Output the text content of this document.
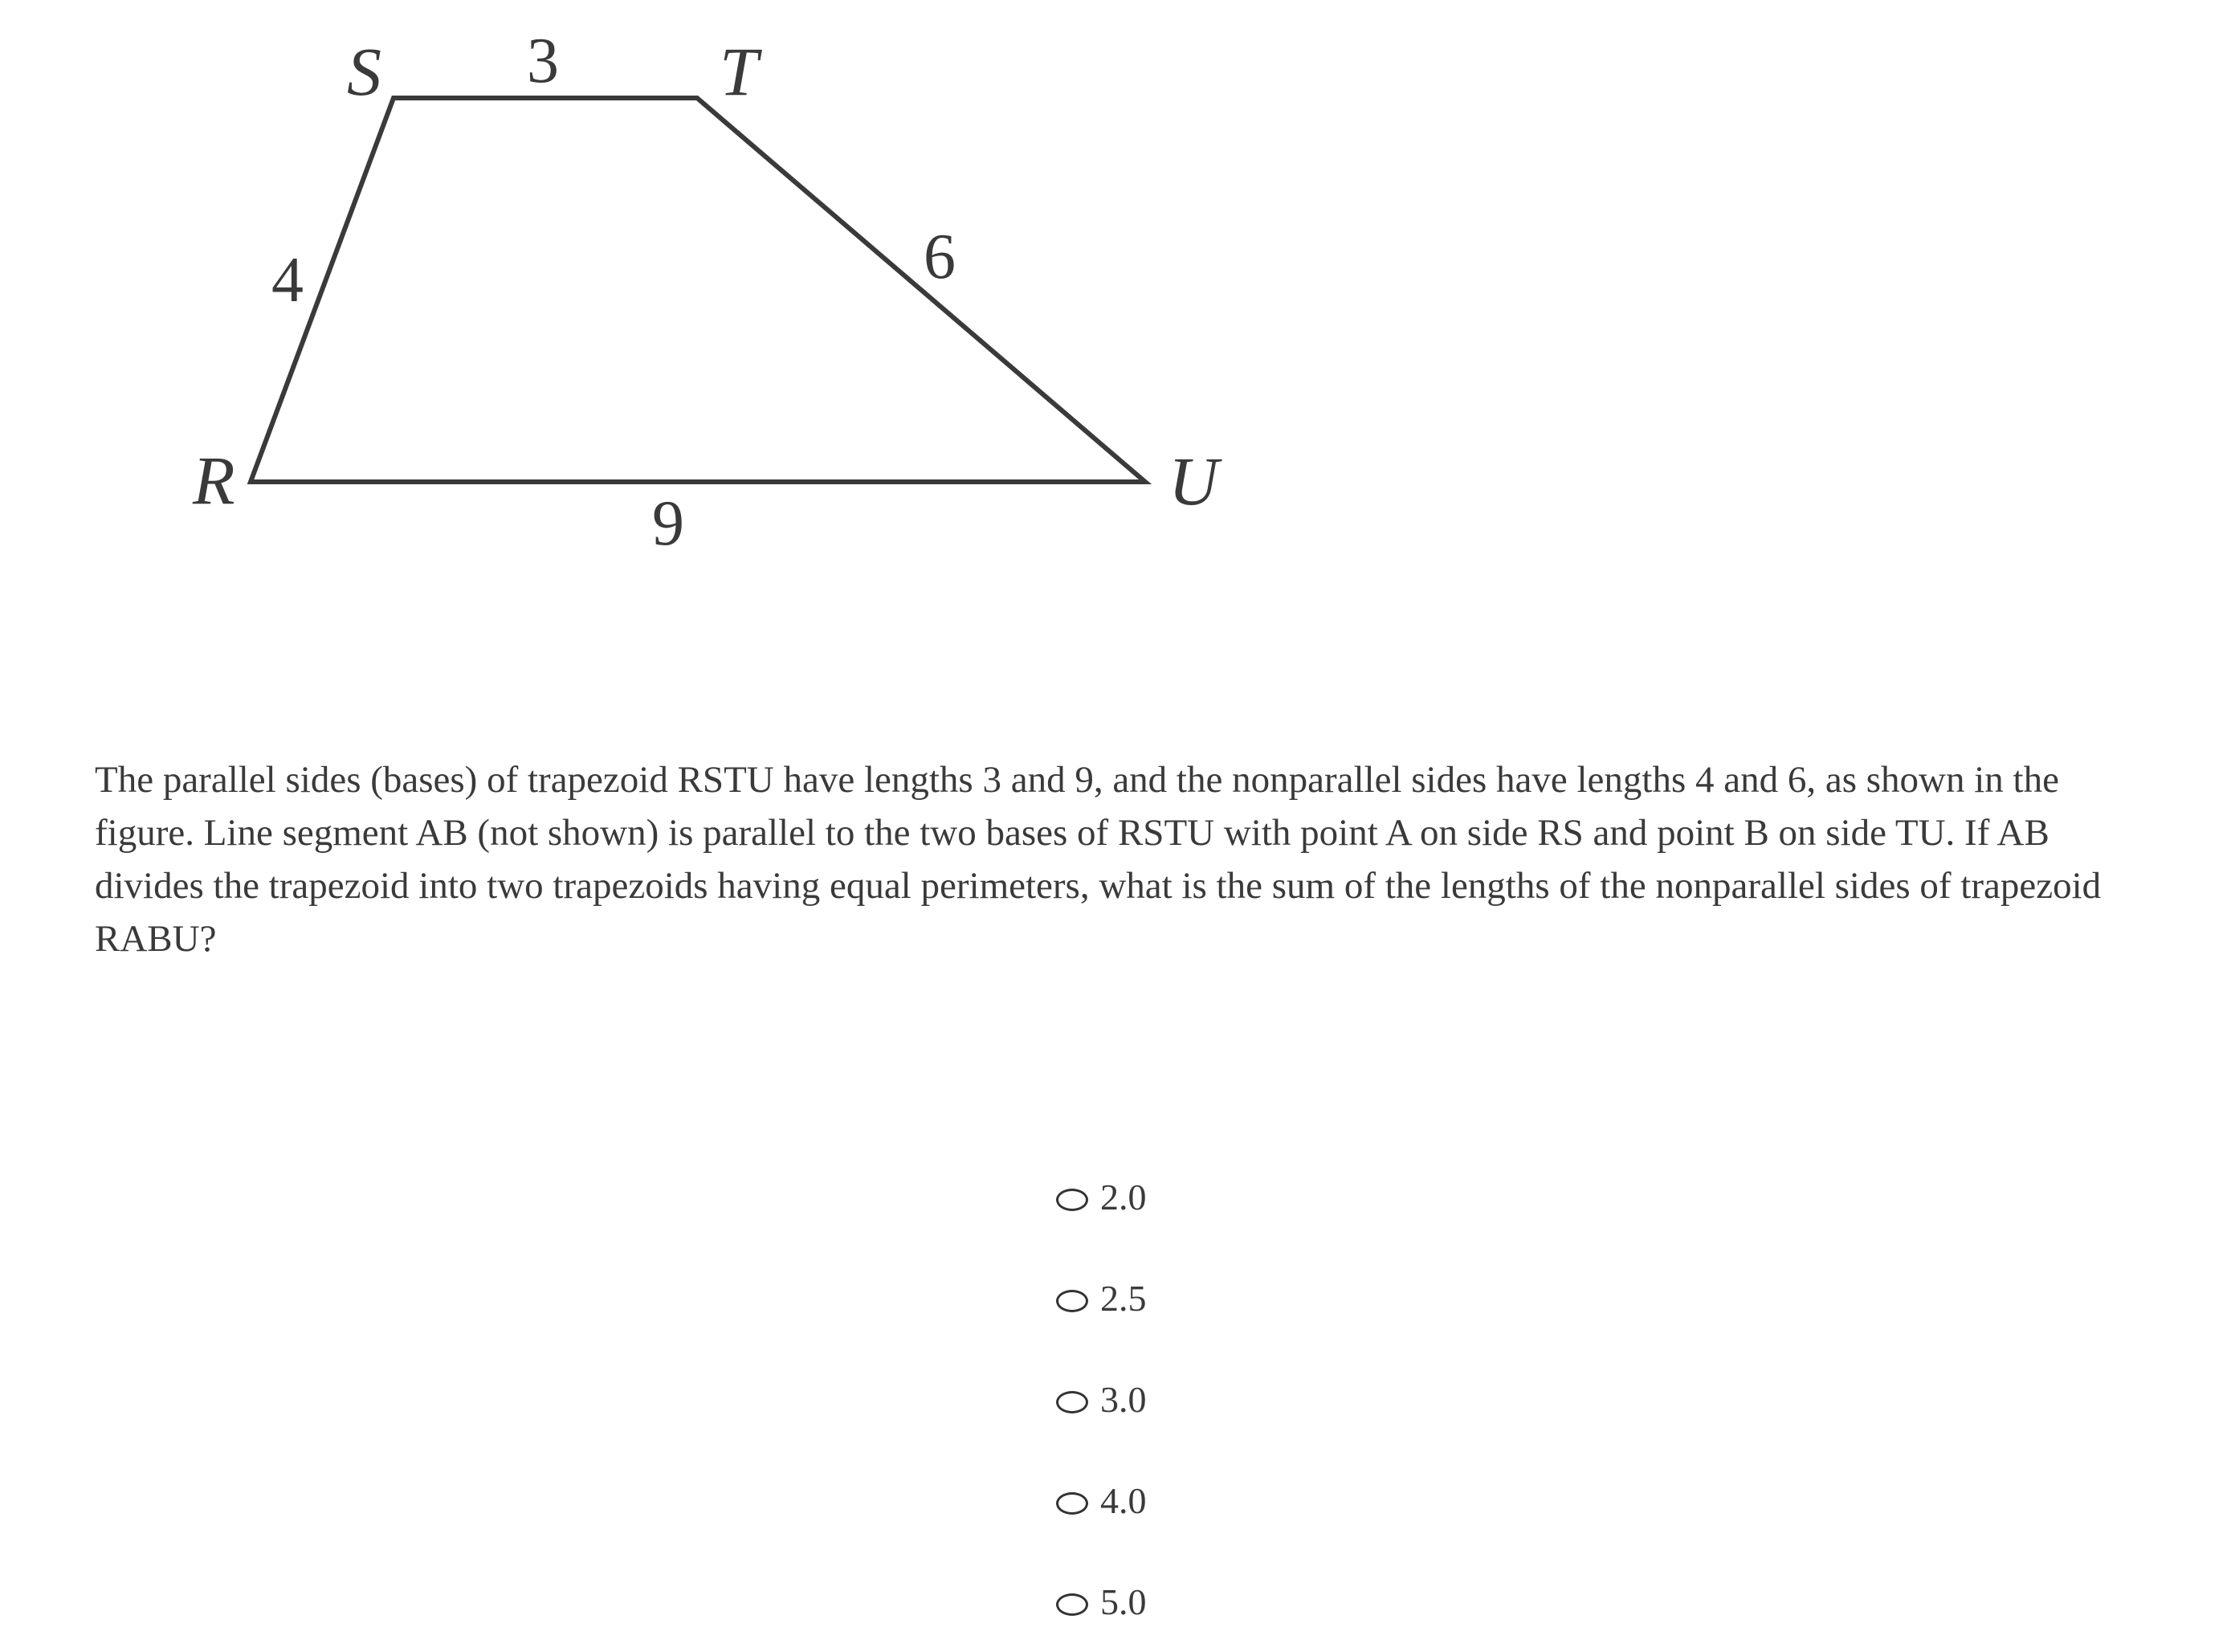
S	T
R	U
3
4	6
9

The parallel sides (bases) of trapezoid RSTU have lengths 3 and 9, and the nonparallel sides have lengths 4 and 6, as shown in the figure. Line segment AB (not shown) is parallel to the two bases of RSTU with point A on side RS and point B on side TU. If AB divides the trapezoid into two trapezoids having equal perimeters, what is the sum of the lengths of the nonparallel sides of trapezoid RABU?

2.0
2.5
3.0
4.0
5.0
